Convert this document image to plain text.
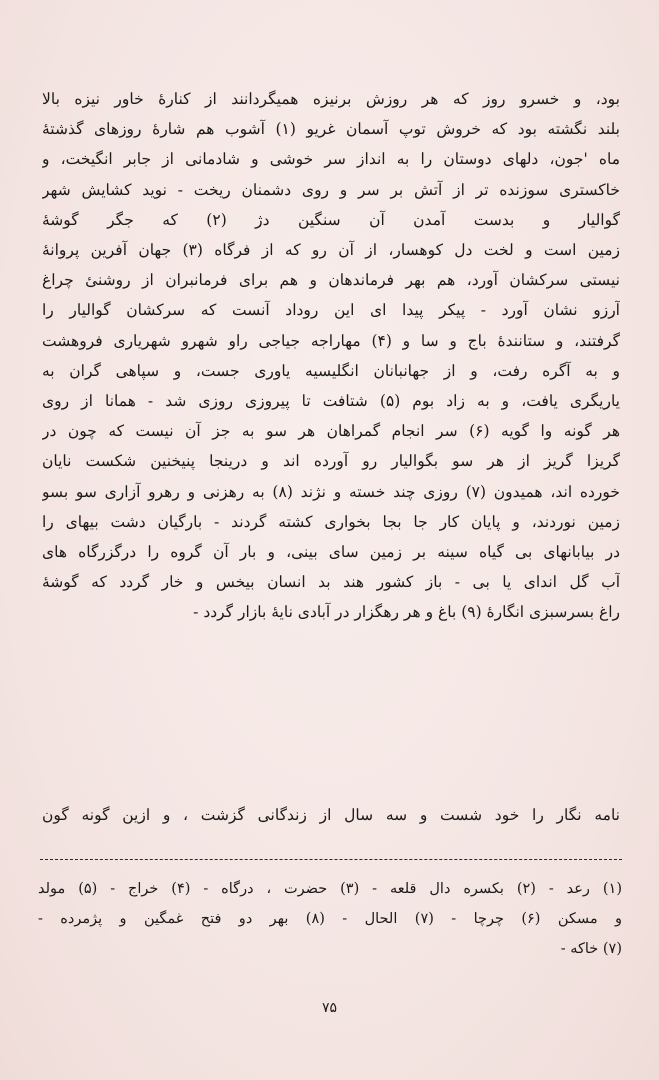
بود، و خسرو روز که هر روزش برنیزه همیگردانند از کنارهٔ خاور نیزه بالا
بلند نگشته بود که خروش توپ آسمان غریو (۱) آشوب هم شارهٔ روزهای گذشتهٔ
ماه 'جون، دلهای دوستان را به انداز سر خوشی و شادمانی از جابر انگیخت، و
خاکستری سوزنده تر از آتش بر سر و روی دشمنان ریخت - نوید کشایش شهر
گوالیار و بدست آمدن آن سنگین دژ (۲) که جگر گوشهٔ
زمین است و لخت دل کوهسار، از آن رو که از فرگاه (۳) جهان آفرین پروانهٔ
نیستی سرکشان آورد، هم بهر فرماندهان و هم برای فرمانبران از روشنیٔ چراغ
آرزو نشان آورد - پیکر پیدا ای این روداد آنست که سرکشان گوالیار را
گرفتند، و ستانندهٔ باج و سا و (۴) مهاراجه جیاجی راو شهرو شهریاری فروهشت
و به آگره رفت، و از جهانبانان انگلیسیه یاوری جست، و سپاهی گران به
یاریگری یافت، و به زاد بوم (۵) شتافت تا پیروزی روزی شد - همانا از روی
هر گونه وا گویه (۶) سر انجام گمراهان هر سو به جز آن نیست که چون در
گریزا گریز از هر سو بگوالیار رو آورده اند و درینجا پنیخنین شکست نایان
خورده اند، همیدون (۷) روزی چند خسته و نژند (۸) به رهزنی و رهرو آزاری سو بسو
زمین نوردند، و پایان کار جا بجا بخواری کشته گردند - بارگیان دشت بیهای را
در بیابانهای بی گیاه سینه بر زمین سای بینی، و بار آن گروه را درگزرگاه های
آب گل اندای یا بی - باز کشور هند بد انسان بیخس و خار گردد که گوشهٔ
راغ بسرسبزی انگارهٔ (۹) باغ و هر رهگزار در آبادی نایهٔ بازار گردد -
نامه نگار را خود شست و سه سال از زندگانی گزشت ، و ازین گونه گون
(۱) رعد - (۲) بکسره دال قلعه - (۳) حضرت ، درگاه - (۴) خراج - (۵) مولد
و مسکن (۶) چرچا - (۷) الحال - (۸) بهر دو فتح غمگین و پژمرده -
(۷) خاکه -
۷۵
